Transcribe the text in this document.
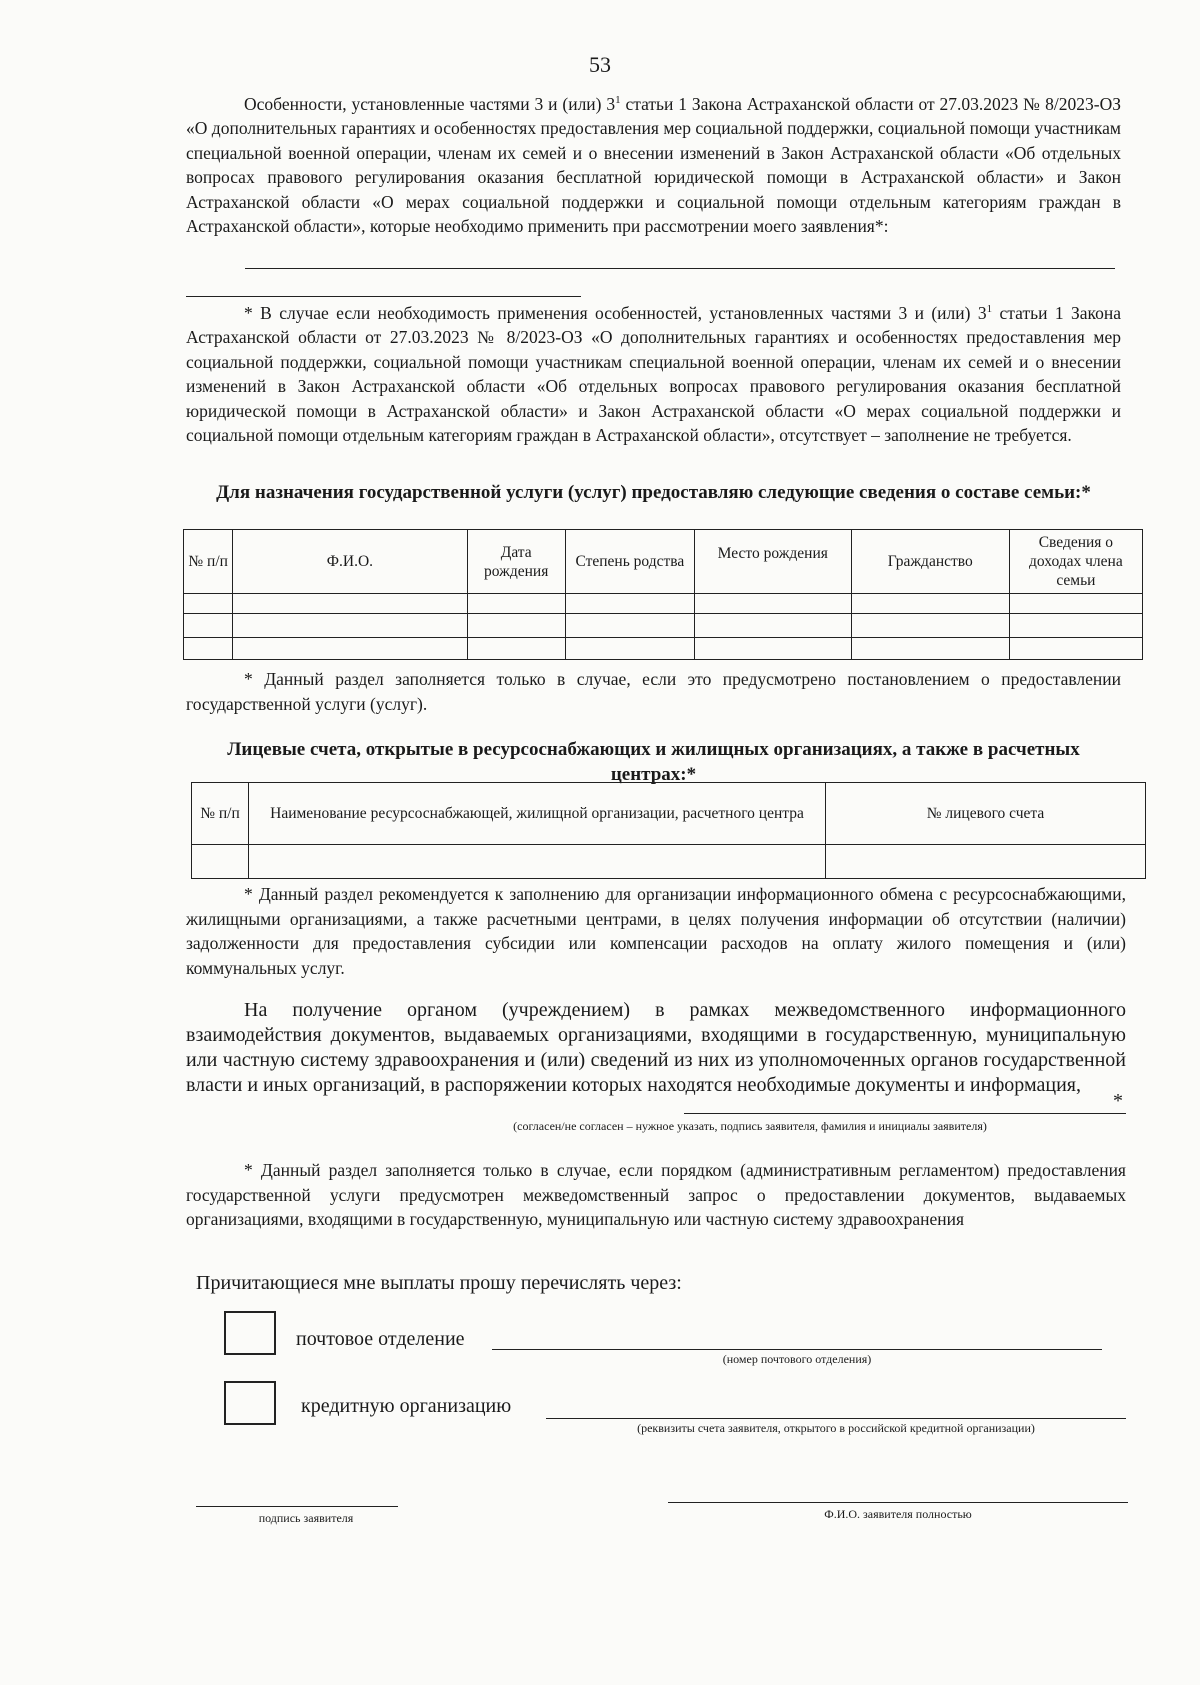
53
Особенности, установленные частями 3 и (или) $3^1$ статьи 1 Закона Астраханской области от 27.03.2023 № 8/2023-ОЗ «О дополнительных гарантиях и особенностях предоставления мер социальной поддержки, социальной помощи участникам специальной военной операции, членам их семей и о внесении изменений в Закон Астраханской области «Об отдельных вопросах правового регулирования оказания бесплатной юридической помощи в Астраханской области» и Закон Астраханской области «О мерах социальной поддержки и социальной помощи отдельным категориям граждан в Астраханской области», которые необходимо применить при рассмотрении моего заявления*:
* В случае если необходимость применения особенностей, установленных частями 3 и (или) $3^1$ статьи 1 Закона Астраханской области от 27.03.2023 № 8/2023-ОЗ «О дополнительных гарантиях и особенностях предоставления мер социальной поддержки, социальной помощи участникам специальной военной операции, членам их семей и о внесении изменений в Закон Астраханской области «Об отдельных вопросах правового регулирования оказания бесплатной юридической помощи в Астраханской области» и Закон Астраханской области «О мерах социальной поддержки и социальной помощи отдельным категориям граждан в Астраханской области», отсутствует – заполнение не требуется.
Для назначения государственной услуги (услуг) предоставляю следующие сведения о составе семьи:*
№ п/п	Ф.И.О.	Дата рождения	Степень родства	Место рождения	Гражданство	Сведения о доходах члена семьи

* Данный раздел заполняется только в случае, если это предусмотрено постановлением о предоставлении государственной услуги (услуг).
Лицевые счета, открытые в ресурсоснабжающих и жилищных организациях, а также в расчетных центрах:*
№ п/п	Наименование ресурсоснабжающей, жилищной организации, расчетного центра	№ лицевого счета

* Данный раздел рекомендуется к заполнению для организации информационного обмена с ресурсоснабжающими, жилищными организациями, а также расчетными центрами, в целях получения информации об отсутствии (наличии) задолженности для предоставления субсидии или компенсации расходов на оплату жилого помещения и (или) коммунальных услуг.
На получение органом (учреждением) в рамках межведомственного информационного взаимодействия документов, выдаваемых организациями, входящими в государственную, муниципальную или частную систему здравоохранения и (или) сведений из них из уполномоченных органов государственной власти и иных организаций, в распоряжении которых находятся необходимые документы и информация,
*
(согласен/не согласен – нужное указать, подпись заявителя, фамилия и инициалы заявителя)
* Данный раздел заполняется только в случае, если порядком (административным регламентом) предоставления государственной услуги предусмотрен межведомственный запрос о предоставлении документов, выдаваемых организациями, входящими в государственную, муниципальную или частную систему здравоохранения
Причитающиеся мне выплаты прошу перечислять через:
почтовое отделение
(номер почтового отделения)
кредитную организацию
(реквизиты счета заявителя, открытого в российской кредитной организации)
подпись заявителя	Ф.И.О. заявителя полностью
